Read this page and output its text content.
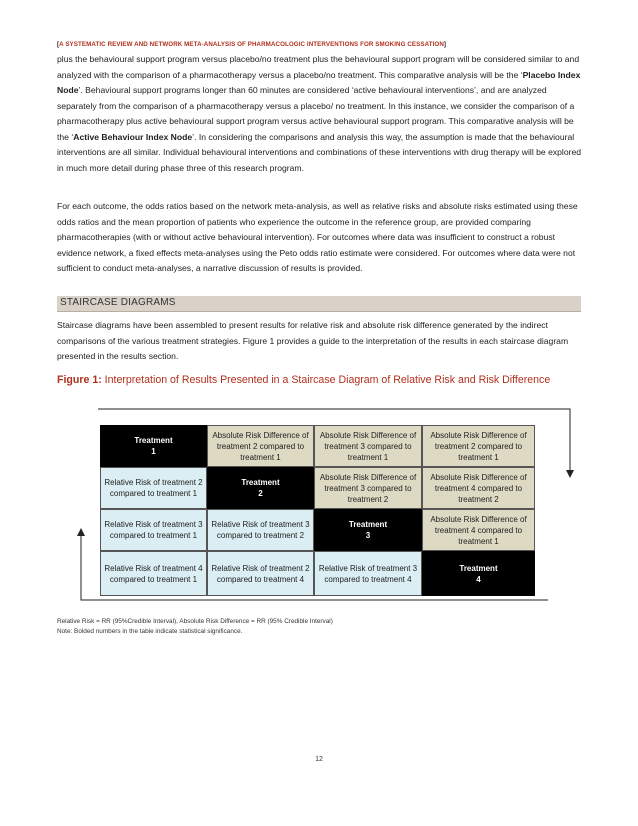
[A SYSTEMATIC REVIEW AND NETWORK META-ANALYSIS OF PHARMACOLOGIC INTERVENTIONS FOR SMOKING CESSATION]
plus the behavioural support program versus placebo/no treatment plus the behavioural support program will be considered similar to and analyzed with the comparison of a pharmacotherapy versus a placebo/no treatment. This comparative analysis will be the ‘Placebo Index Node’. Behavioural support programs longer than 60 minutes are considered ‘active behavioural interventions’, and are analyzed separately from the comparison of a pharmacotherapy versus a placebo/ no treatment. In this instance, we consider the comparison of a pharmacotherapy plus active behavioural support program versus active behavioural support program. This comparative analysis will be the ‘Active Behaviour Index Node’. In considering the comparisons and analysis this way, the assumption is made that the behavioural interventions are all similar. Individual behavioural interventions and combinations of these interventions with drug therapy will be explored in much more detail during phase three of this research program.
For each outcome, the odds ratios based on the network meta-analysis, as well as relative risks and absolute risks estimated using these odds ratios and the mean proportion of patients who experience the outcome in the reference group, are provided comparing pharmacotherapies (with or without active behavioural intervention). For outcomes where data was insufficient to construct a robust evidence network, a fixed effects meta-analyses using the Peto odds ratio estimate were considered. For outcomes where data were not sufficient to conduct meta-analyses, a narrative discussion of results is provided.
STAIRCASE DIAGRAMS
Staircase diagrams have been assembled to present results for relative risk and absolute risk difference generated by the indirect comparisons of the various treatment strategies. Figure 1 provides a guide to the interpretation of the results in each staircase diagram presented in the results section.
Figure 1: Interpretation of Results Presented in a Staircase Diagram of Relative Risk and Risk Difference
Treatment
1
Absolute Risk Difference of treatment 2 compared to treatment 1
Absolute Risk Difference of treatment 3 compared to treatment 1
Absolute Risk Difference of treatment 2 compared to treatment 1
Relative Risk of treatment 2 compared to treatment 1
Treatment
2
Absolute Risk Difference of treatment 3 compared to treatment 2
Absolute Risk Difference of treatment 4 compared to treatment 2
Relative Risk of treatment 3 compared to treatment 1
Relative Risk of treatment 3 compared to treatment 2
Treatment
3
Absolute Risk Difference of treatment 4 compared to treatment 1
Relative Risk of treatment 4 compared to treatment 1
Relative Risk of treatment 2 compared to treatment 4
Relative Risk of treatment 3 compared to treatment 4
Treatment
4
Relative Risk = RR (95%Credible Interval), Absolute Risk Difference = RR (95% Credible Interval)
Note: Bolded numbers in the table indicate statistical significance.
12
